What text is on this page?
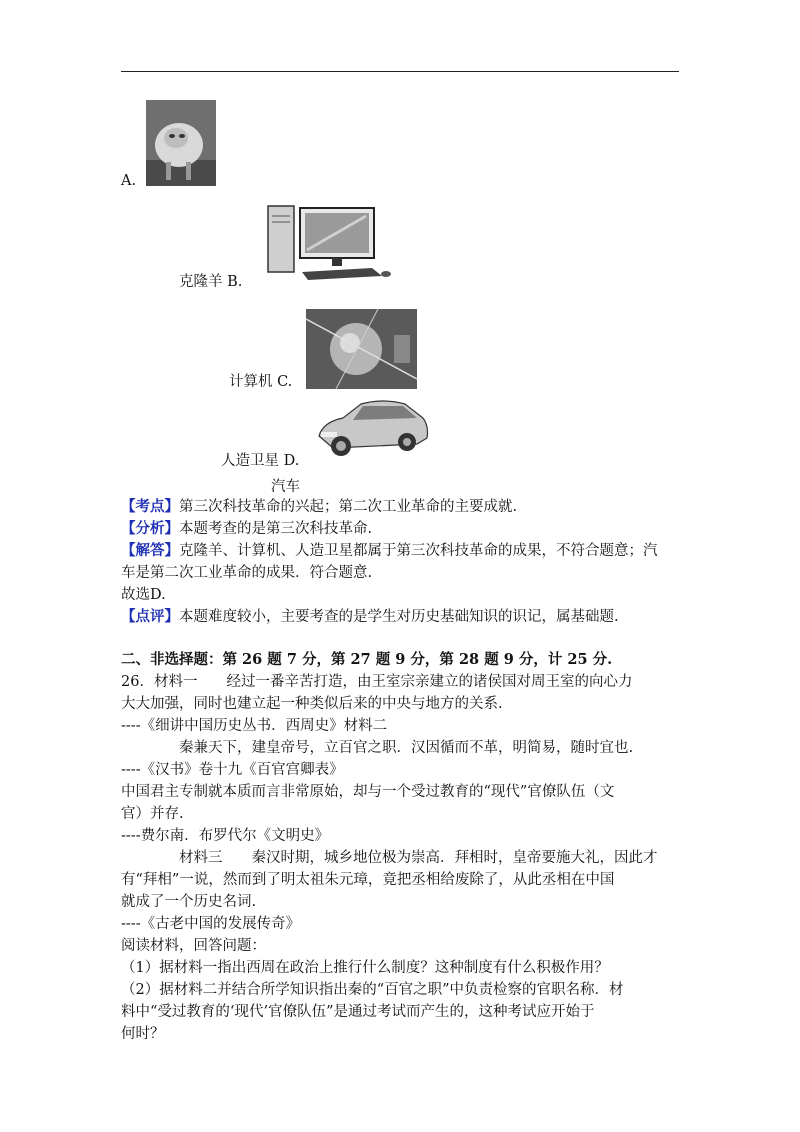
A.
克隆羊 B.
计算机 C.
人造卫星 D.
汽车
【考点】第三次科技革命的兴起；第二次工业革命的主要成就.
【分析】本题考查的是第三次科技革命.
【解答】克隆羊、计算机、人造卫星都属于第三次科技革命的成果，不符合题意；汽
车是第二次工业革命的成果．符合题意.
故选D.
【点评】本题难度较小，主要考查的是学生对历史基础知识的识记，属基础题.
二、非选择题：第 26 题 7 分，第 27 题 9 分，第 28 题 9 分，计 25 分.
26．材料一　　经过一番辛苦打造，由王室宗亲建立的诸侯国对周王室的向心力
大大加强，同时也建立起一种类似后来的中央与地方的关系.
----《细讲中国历史丛书．西周史》材料二
　　　　秦兼天下，建皇帝号，立百官之职．汉因循而不革，明简易，随时宜也.
----《汉书》卷十九《百官宫卿表》
中国君主专制就本质而言非常原始，却与一个受过教育的“现代”官僚队伍（文
官）并存.
----费尔南．布罗代尔《文明史》
　　　　材料三　　秦汉时期，城乡地位极为崇高．拜相时，皇帝要施大礼，因此才
有“拜相”一说，然而到了明太祖朱元璋，竟把丞相给废除了，从此丞相在中国
就成了一个历史名词.
----《古老中国的发展传奇》
阅读材料，回答问题：
（1）据材料一指出西周在政治上推行什么制度？这种制度有什么积极作用？
（2）据材料二并结合所学知识指出秦的“百官之职”中负责检察的官职名称．材
料中“受过教育的‘现代’官僚队伍”是通过考试而产生的，这种考试应开始于
何时？
